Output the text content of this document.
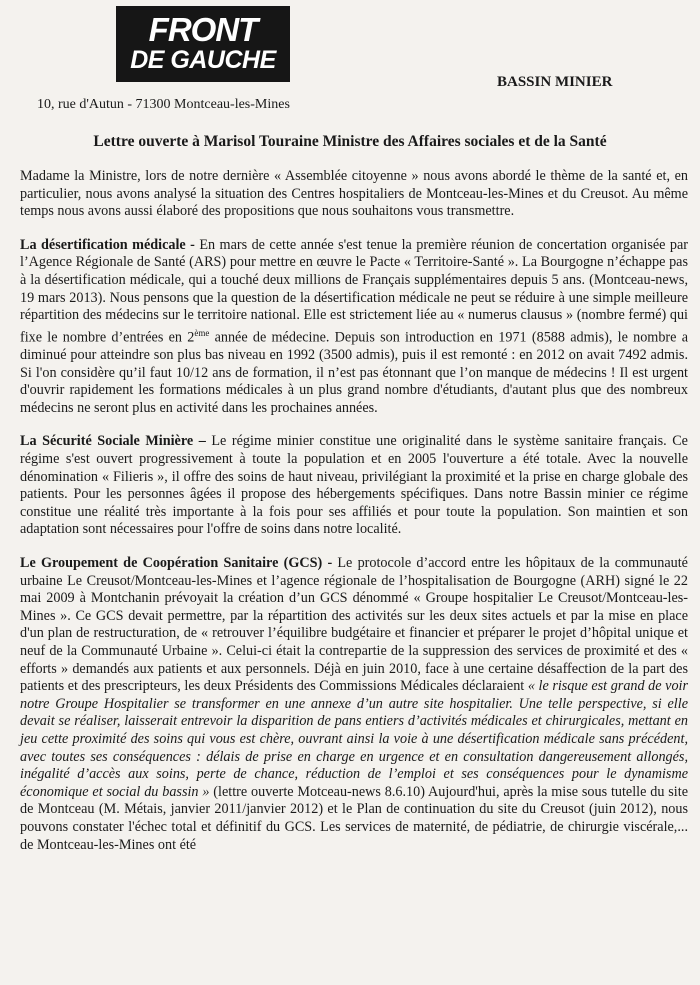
FRONT
DE GAUCHE
BASSIN MINIER
10, rue d'Autun - 71300 Montceau-les-Mines
Lettre ouverte à Marisol Touraine Ministre des Affaires sociales et de la Santé

Madame la Ministre, lors de notre dernière « Assemblée citoyenne » nous avons abordé le thème de la santé et, en particulier, nous avons analysé la situation des Centres hospitaliers de Montceau-les-Mines et du Creusot. Au même temps nous avons aussi élaboré des propositions que nous souhaitons vous transmettre.

La désertification médicale - En mars de cette année s'est tenue la première réunion de concertation organisée par l’Agence Régionale de Santé (ARS) pour mettre en œuvre le Pacte « Territoire-Santé ». La Bourgogne n’échappe pas à la désertification médicale, qui a touché deux millions de Français supplémentaires depuis 5 ans. (Montceau-news, 19 mars 2013). Nous pensons que la question de la désertification médicale ne peut se réduire à une simple meilleure répartition des médecins sur le territoire national. Elle est strictement liée au « numerus clausus » (nombre fermé) qui fixe le nombre d’entrées en 2ème année de médecine. Depuis son introduction en 1971 (8588 admis), le nombre a diminué pour atteindre son plus bas niveau en 1992 (3500 admis), puis il est remonté : en 2012 on avait 7492 admis. Si l'on considère qu’il faut 10/12 ans de formation, il n’est pas étonnant que l’on manque de médecins ! Il est urgent d'ouvrir rapidement les formations médicales à un plus grand nombre d'étudiants, d'autant plus que des nombreux médecins ne seront plus en activité dans les prochaines années.

La Sécurité Sociale Minière – Le régime minier constitue une originalité dans le système sanitaire français. Ce régime s'est ouvert progressivement à toute la population et en 2005 l'ouverture a été totale. Avec la nouvelle dénomination « Filieris », il offre des soins de haut niveau, privilégiant la proximité et la prise en charge globale des patients. Pour les personnes âgées il propose des hébergements spécifiques. Dans notre Bassin minier ce régime constitue une réalité très importante à la fois pour ses affiliés et pour toute la population. Son maintien et son adaptation sont nécessaires pour l'offre de soins dans notre localité.

Le Groupement de Coopération Sanitaire (GCS) - Le protocole d’accord entre les hôpitaux de la communauté urbaine Le Creusot/Montceau-les-Mines et l’agence régionale de l’hospitalisation de Bourgogne (ARH) signé le 22 mai 2009 à Montchanin prévoyait la création d’un GCS dénommé « Groupe hospitalier Le Creusot/Montceau-les-Mines ». Ce GCS devait permettre, par la répartition des activités sur les deux sites actuels et par la mise en place d'un plan de restructuration, de « retrouver l’équilibre budgétaire et financier et préparer le projet d’hôpital unique et neuf de la Communauté Urbaine ». Celui-ci était la contrepartie de la suppression des services de proximité et des « efforts » demandés aux patients et aux personnels. Déjà en juin 2010, face à une certaine désaffection de la part des patients et des prescripteurs, les deux Présidents des Commissions Médicales déclaraient « le risque est grand de voir notre Groupe Hospitalier se transformer en une annexe d’un autre site hospitalier. Une telle perspective, si elle devait se réaliser, laisserait entrevoir la disparition de pans entiers d’activités médicales et chirurgicales, mettant en jeu cette proximité des soins qui vous est chère, ouvrant ainsi la voie à une désertification médicale sans précédent, avec toutes ses conséquences : délais de prise en charge en urgence et en consultation dangereusement allongés, inégalité d’accès aux soins, perte de chance, réduction de l’emploi et ses conséquences pour le dynamisme économique et social du bassin » (lettre ouverte Motceau-news 8.6.10) Aujourd'hui, après la mise sous tutelle du site de Montceau (M. Métais, janvier 2011/janvier 2012) et le Plan de continuation du site du Creusot (juin 2012), nous pouvons constater l'échec total et définitif du GCS. Les services de maternité, de pédiatrie, de chirurgie viscérale,... de Montceau-les-Mines ont été
